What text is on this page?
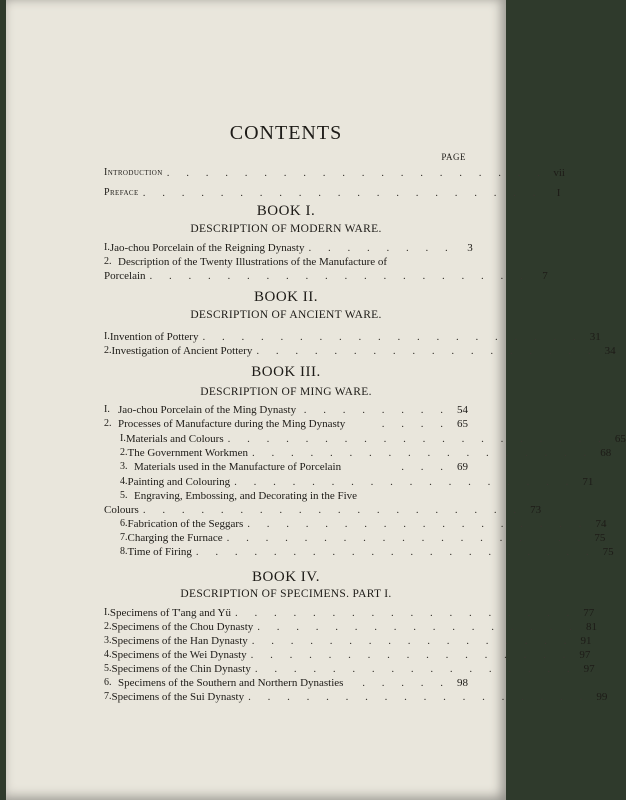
CONTENTS
PAGE
Introduction . . . . . . . . . . . . . . . . . . . . vii
Preface . . . . . . . . . . . . . . . . . . . . .	I
BOOK I.
DESCRIPTION OF MODERN WARE.
I. Jao-chou Porcelain of the Reigning Dynasty . . . . . . . .	3
2. Description of the Twenty Illustrations of the Manufacture of
Porcelain . . . . . . . . . . . . . . . . . . . .	7
BOOK II.
DESCRIPTION OF ANCIENT WARE.
I. Invention of Pottery . . . . . . . . . . . . . . . . . . . . 31
2. Investigation of Ancient Pottery . . . . . . . . . . . . . . . . . . 34
BOOK III.
DESCRIPTION OF MING WARE.
I. Jao-chou Porcelain of the Ming Dynasty . . . . . . . . 54
2. Processes of Manufacture during the Ming Dynasty	. . . . 65
I. Materials and Colours . . . . . . . . . . . . . . . . . . . . 65
2. The Government Workmen . . . . . . . . . . . . . . . . . . 68
3. Materials used in the Manufacture of Porcelain	. . . 69
4. Painting and Colouring . . . . . . . . . . . . . . . . . . 71
5. Engraving, Embossing, and Decorating in the Five
Colours . . . . . . . . . . . . . . . . . . . . 73
6. Fabrication of the Seggars . . . . . . . . . . . . . . . . . . 74
7. Charging the Furnace . . . . . . . . . . . . . . . . . . . 75
8. Time of Firing . . . . . . . . . . . . . . . . . . . . . 75
BOOK IV.
DESCRIPTION OF SPECIMENS. PART I.
I. Specimens of T'ang and Yü . . . . . . . . . . . . . . . . . . 77
2. Specimens of the Chou Dynasty . . . . . . . . . . . . . . . . . 81
3. Specimens of the Han Dynasty . . . . . . . . . . . . . . . . . 91
4. Specimens of the Wei Dynasty . . . . . . . . . . . . . . . . . 97
5. Specimens of the Chin Dynasty . . . . . . . . . . . . . . . . . 97
6. Specimens of the Southern and Northern Dynasties	. . . . . 98
7. Specimens of the Sui Dynasty . . . . . . . . . . . . . . . . . . 99
